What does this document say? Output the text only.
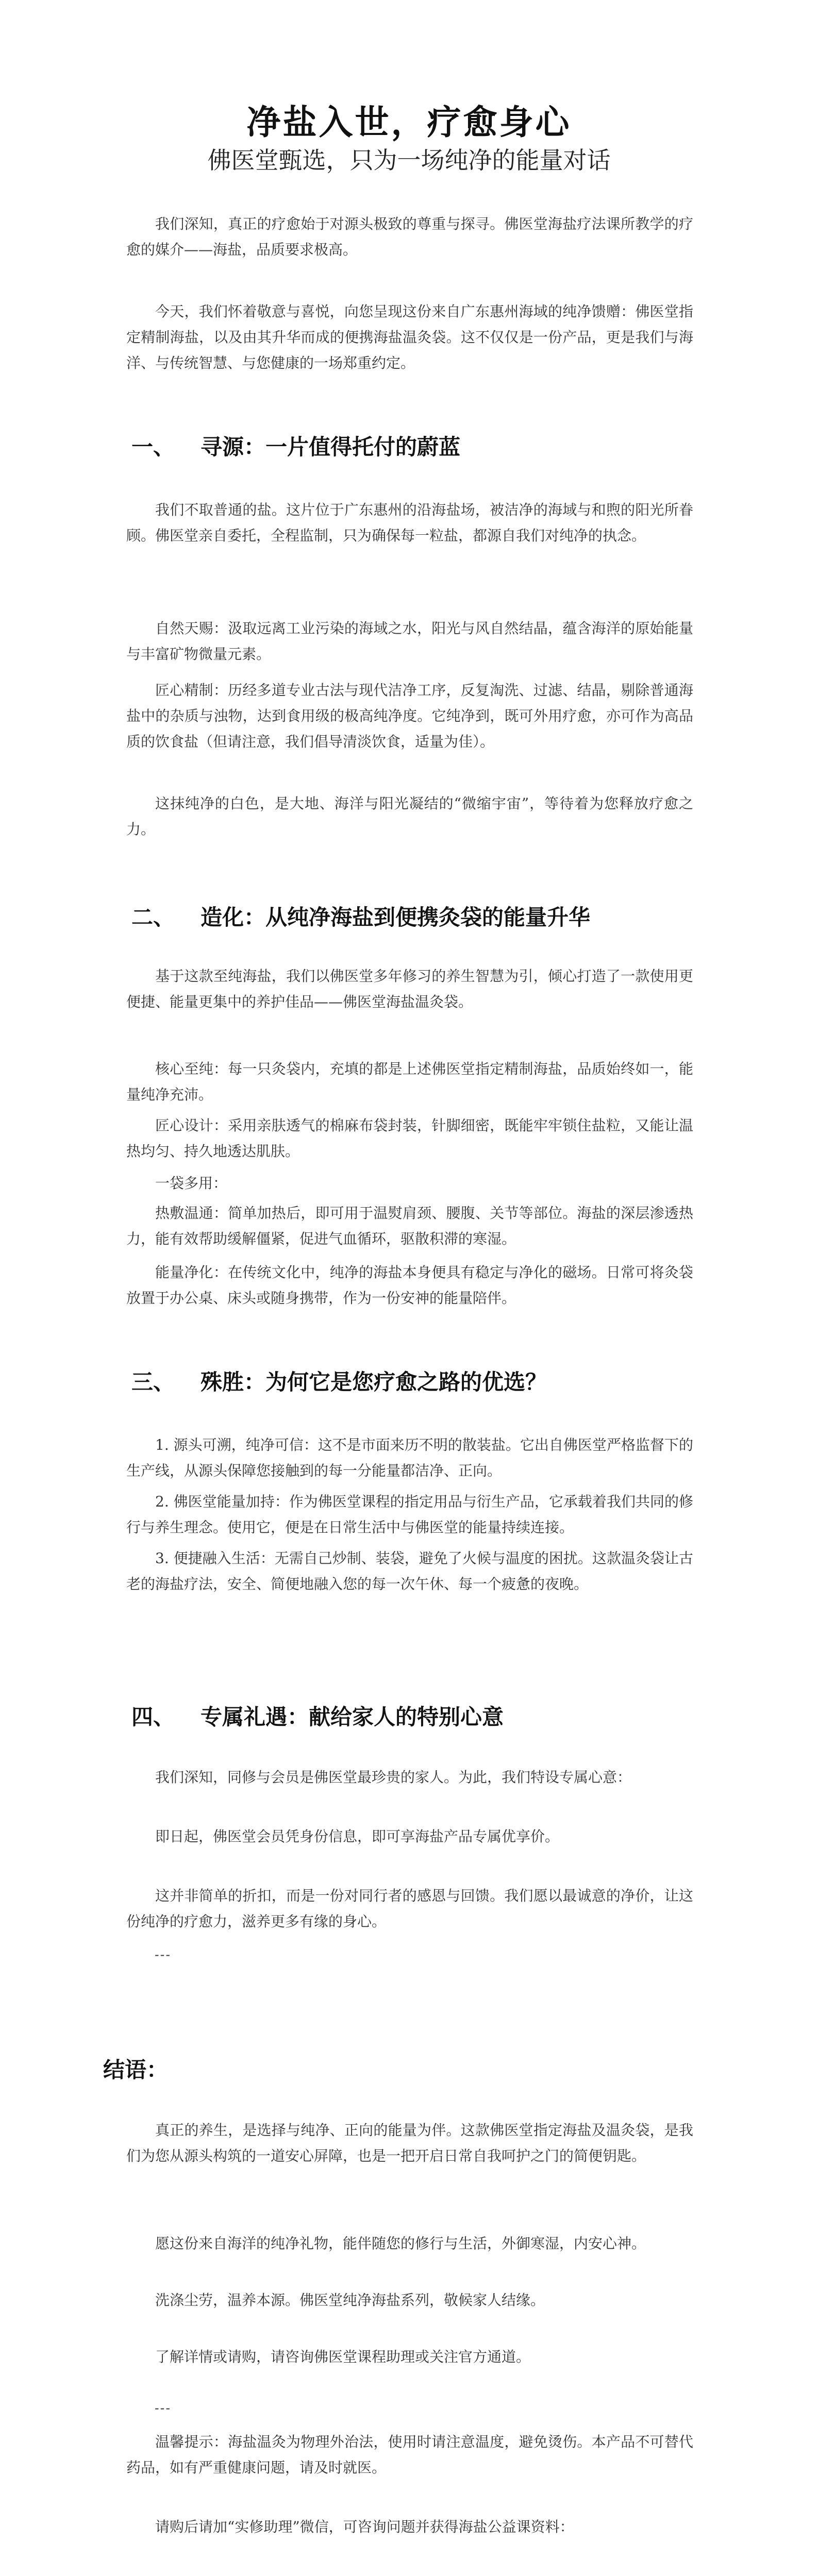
净盐入世，疗愈身心
佛医堂甄选，只为一场纯净的能量对话

我们深知，真正的疗愈始于对源头极致的尊重与探寻。佛医堂海盐疗法课所教学的疗愈的媒介——海盐，品质要求极高。

今天，我们怀着敬意与喜悦，向您呈现这份来自广东惠州海域的纯净馈赠：佛医堂指定精制海盐，以及由其升华而成的便携海盐温灸袋。这不仅仅是一份产品，更是我们与海洋、与传统智慧、与您健康的一场郑重约定。

一、 寻源：一片值得托付的蔚蓝

我们不取普通的盐。这片位于广东惠州的沿海盐场，被洁净的海域与和煦的阳光所眷顾。佛医堂亲自委托，全程监制，只为确保每一粒盐，都源自我们对纯净的执念。

自然天赐：汲取远离工业污染的海域之水，阳光与风自然结晶，蕴含海洋的原始能量与丰富矿物微量元素。

匠心精制：历经多道专业古法与现代洁净工序，反复淘洗、过滤、结晶，剔除普通海盐中的杂质与浊物，达到食用级的极高纯净度。它纯净到，既可外用疗愈，亦可作为高品质的饮食盐（但请注意，我们倡导清淡饮食，适量为佳）。

这抹纯净的白色，是大地、海洋与阳光凝结的“微缩宇宙”，等待着为您释放疗愈之力。

二、 造化：从纯净海盐到便携灸袋的能量升华

基于这款至纯海盐，我们以佛医堂多年修习的养生智慧为引，倾心打造了一款使用更便捷、能量更集中的养护佳品——佛医堂海盐温灸袋。

核心至纯：每一只灸袋内，充填的都是上述佛医堂指定精制海盐，品质始终如一，能量纯净充沛。

匠心设计：采用亲肤透气的棉麻布袋封装，针脚细密，既能牢牢锁住盐粒，又能让温热均匀、持久地透达肌肤。

一袋多用：

热敷温通：简单加热后，即可用于温熨肩颈、腰腹、关节等部位。海盐的深层渗透热力，能有效帮助缓解僵紧，促进气血循环，驱散积滞的寒湿。

能量净化：在传统文化中，纯净的海盐本身便具有稳定与净化的磁场。日常可将灸袋放置于办公桌、床头或随身携带，作为一份安神的能量陪伴。

三、 殊胜：为何它是您疗愈之路的优选？

1. 源头可溯，纯净可信：这不是市面来历不明的散装盐。它出自佛医堂严格监督下的生产线，从源头保障您接触到的每一分能量都洁净、正向。

2. 佛医堂能量加持：作为佛医堂课程的指定用品与衍生产品，它承载着我们共同的修行与养生理念。使用它，便是在日常生活中与佛医堂的能量持续连接。

3. 便捷融入生活：无需自己炒制、装袋，避免了火候与温度的困扰。这款温灸袋让古老的海盐疗法，安全、简便地融入您的每一次午休、每一个疲惫的夜晚。

四、 专属礼遇：献给家人的特别心意

我们深知，同修与会员是佛医堂最珍贵的家人。为此，我们特设专属心意：

即日起，佛医堂会员凭身份信息，即可享海盐产品专属优享价。

这并非简单的折扣，而是一份对同行者的感恩与回馈。我们愿以最诚意的净价，让这份纯净的疗愈力，滋养更多有缘的身心。

---
结语：

真正的养生，是选择与纯净、正向的能量为伴。这款佛医堂指定海盐及温灸袋，是我们为您从源头构筑的一道安心屏障，也是一把开启日常自我呵护之门的简便钥匙。

愿这份来自海洋的纯净礼物，能伴随您的修行与生活，外御寒湿，内安心神。

洗涤尘劳，温养本源。佛医堂纯净海盐系列，敬候家人结缘。

了解详情或请购，请咨询佛医堂课程助理或关注官方通道。

---

温馨提示：海盐温灸为物理外治法，使用时请注意温度，避免烫伤。本产品不可替代药品，如有严重健康问题，请及时就医。

请购后请加“实修助理”微信，可咨询问题并获得海盐公益课资料：
